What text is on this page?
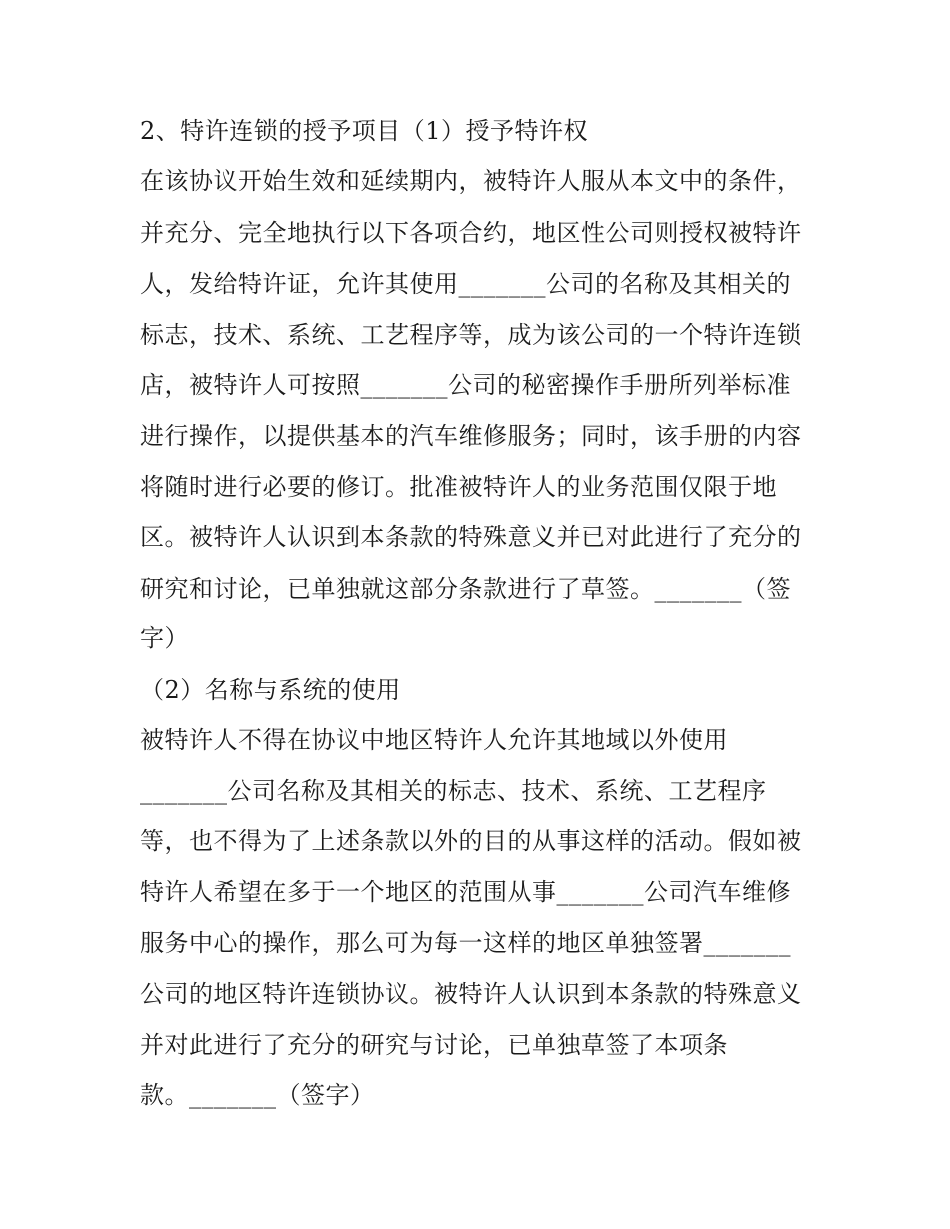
2、特许连锁的授予项目（1）授予特许权
在该协议开始生效和延续期内，被特许人服从本文中的条件，
并充分、完全地执行以下各项合约，地区性公司则授权被特许
人，发给特许证，允许其使用_______公司的名称及其相关的
标志，技术、系统、工艺程序等，成为该公司的一个特许连锁
店，被特许人可按照_______公司的秘密操作手册所列举标准
进行操作，以提供基本的汽车维修服务；同时，该手册的内容
将随时进行必要的修订。批准被特许人的业务范围仅限于地
区。被特许人认识到本条款的特殊意义并已对此进行了充分的
研究和讨论，已单独就这部分条款进行了草签。_______（签
字）
（2）名称与系统的使用
被特许人不得在协议中地区特许人允许其地域以外使用
_______公司名称及其相关的标志、技术、系统、工艺程序
等，也不得为了上述条款以外的目的从事这样的活动。假如被
特许人希望在多于一个地区的范围从事_______公司汽车维修
服务中心的操作，那么可为每一这样的地区单独签署_______
公司的地区特许连锁协议。被特许人认识到本条款的特殊意义
并对此进行了充分的研究与讨论，已单独草签了本项条
款。_______（签字）
